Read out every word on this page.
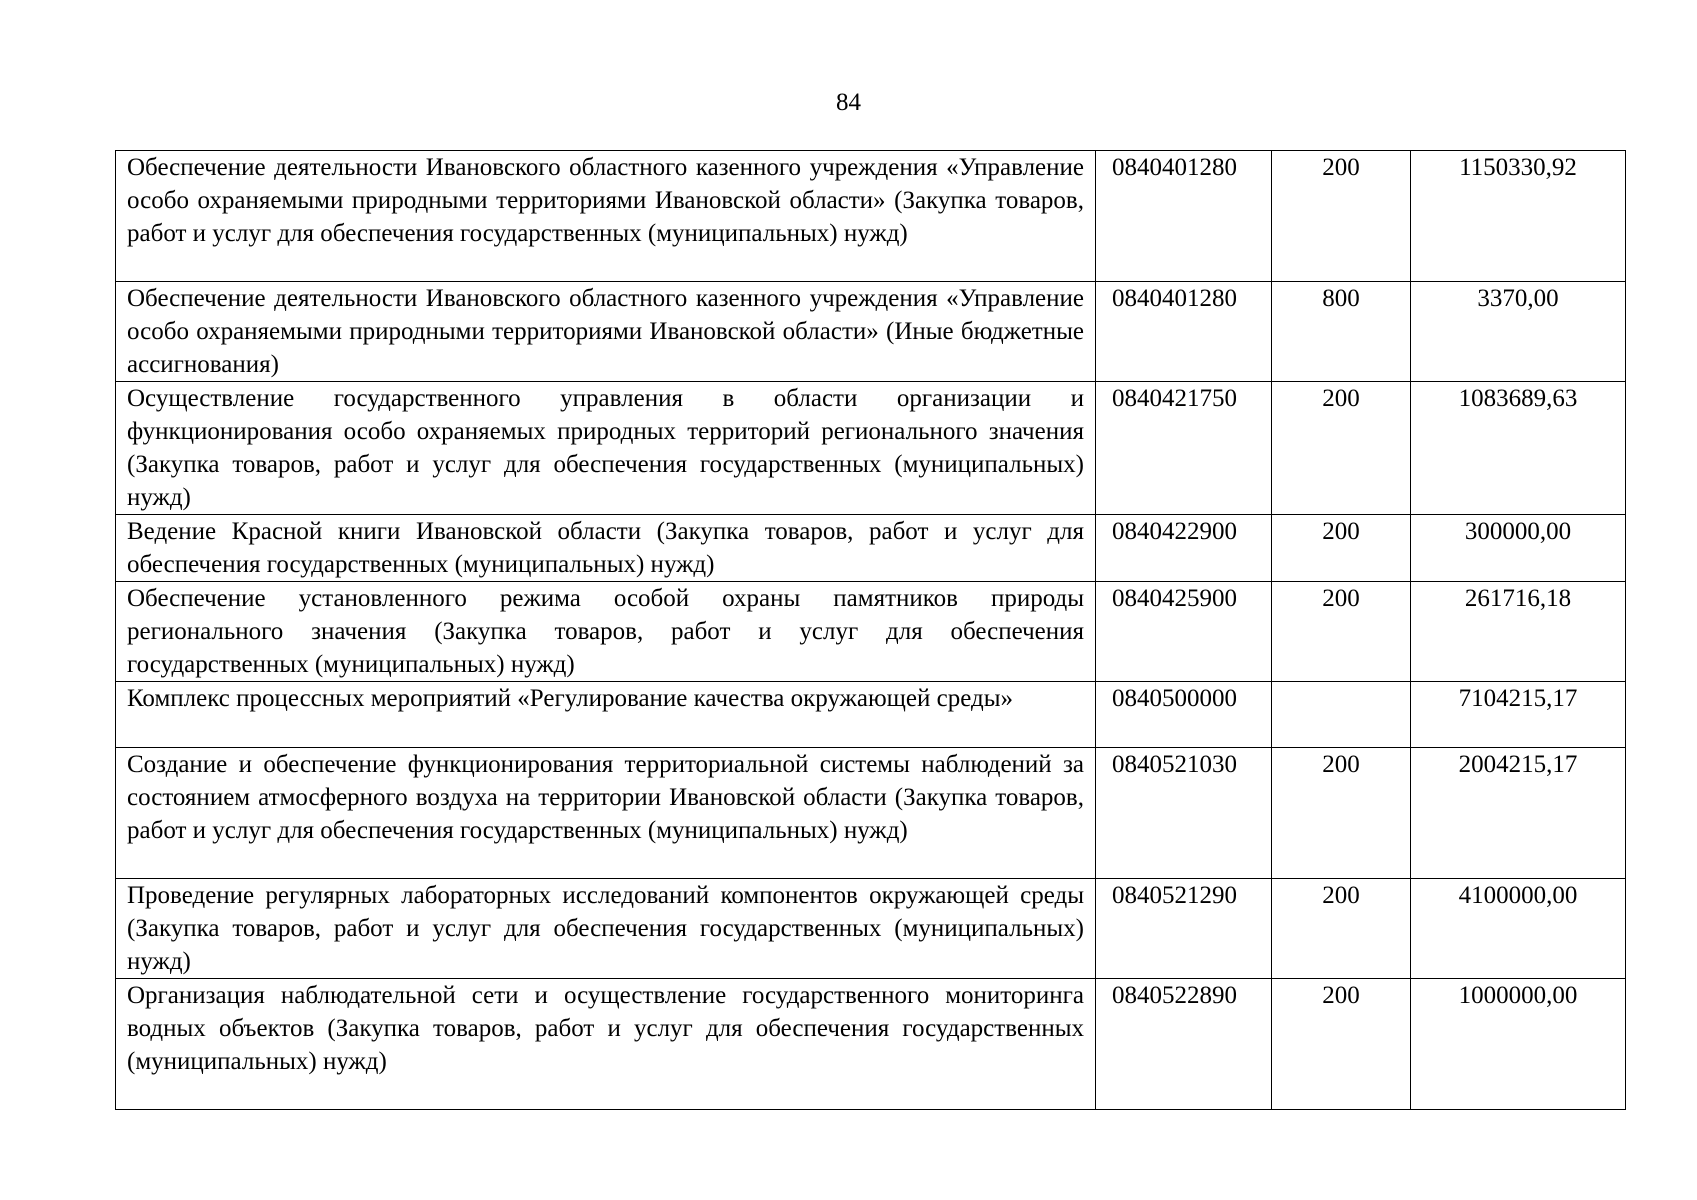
84
Обеспечение деятельности Ивановского областного казенного учреждения «Управление особо охраняемыми природными территориями Ивановской области» (Закупка товаров, работ и услуг для обеспечения государственных (муниципальных) нужд)	0840401280	200	1150330,92
Обеспечение деятельности Ивановского областного казенного учреждения «Управление особо охраняемыми природными территориями Ивановской области» (Иные бюджетные ассигнования)	0840401280	800	3370,00
Осуществление государственного управления в области организации и функционирования особо охраняемых природных территорий регионального значения (Закупка товаров, работ и услуг для обеспечения государственных (муниципальных) нужд)	0840421750	200	1083689,63
Ведение Красной книги Ивановской области (Закупка товаров, работ и услуг для обеспечения государственных (муниципальных) нужд)	0840422900	200	300000,00
Обеспечение установленного режима особой охраны памятников природы регионального значения (Закупка товаров, работ и услуг для обеспечения государственных (муниципальных) нужд)	0840425900	200	261716,18
Комплекс процессных мероприятий «Регулирование качества окружающей среды»	0840500000		7104215,17
Создание и обеспечение функционирования территориальной системы наблюдений за состоянием атмосферного воздуха на территории Ивановской области (Закупка товаров, работ и услуг для обеспечения государственных (муниципальных) нужд)	0840521030	200	2004215,17
Проведение регулярных лабораторных исследований компонентов окружающей среды (Закупка товаров, работ и услуг для обеспечения государственных (муниципальных) нужд)	0840521290	200	4100000,00
Организация наблюдательной сети и осуществление государственного мониторинга водных объектов (Закупка товаров, работ и услуг для обеспечения государственных (муниципальных) нужд)	0840522890	200	1000000,00
